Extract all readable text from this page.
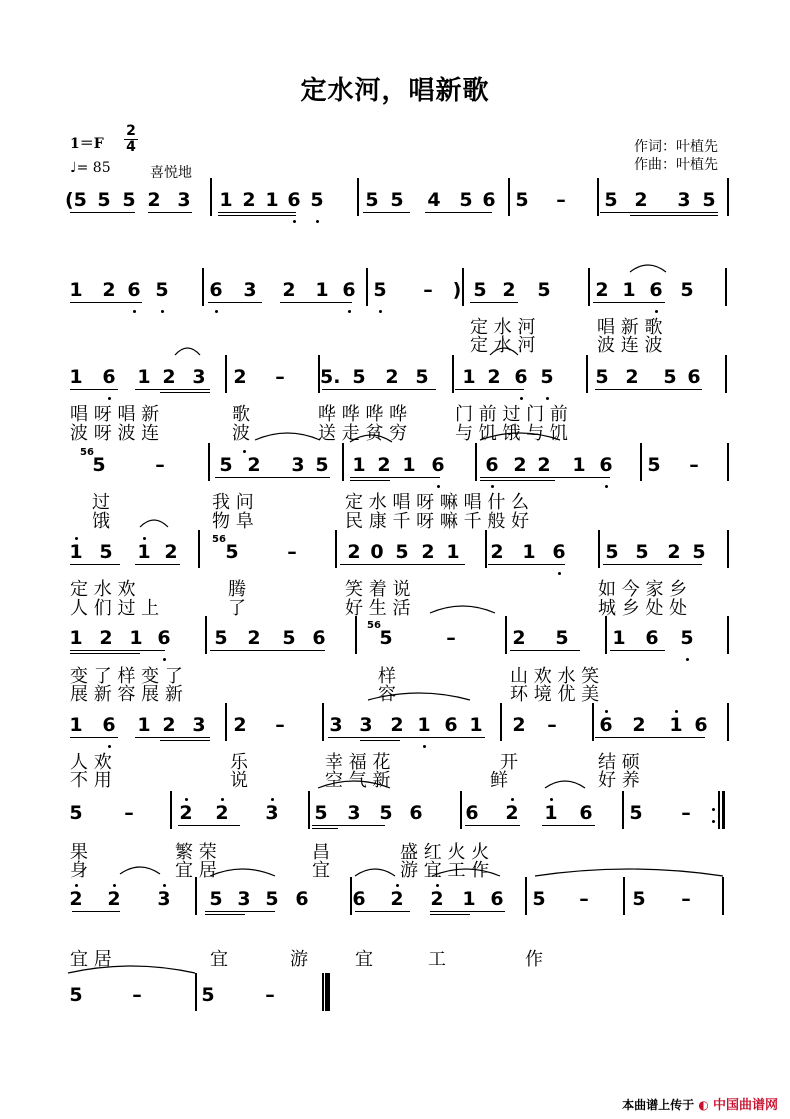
定水河，唱新歌
$1=F \frac{2}{4}$
♩= 85	喜悦地
作词：叶植先
作曲：叶植先
(5 5 5 2 3 1 2 1 6 5 5 5 4 5 6 5 – 5 2 3 5
1 2 6 5 6 3 2 1 6 5 – ) 5 2 5 2 1 6 5
1 6 1 2 3 2 – 5. 5 2 5 1 2 6 5 5 2 5 6
5	–	5 2 3 5 1 2 1 6 6 2 2 1 6 5 –
1 5 1 2	5	–	2 0 5 2 1 2 1 6 5 5 2 5
1 2 1 6 5 2 5 6	5	–	2 5 1 6 5
1 6 1 2 3 2 – 3 3 2 1 6 1 2 – 6 2 1 6
5 – 2 2 3 5 3 5 6 6 2 1 6 5 –
2 2 3 5 3 5 6 6 2 2 1 6 5 – 5 –
5	–	5	–
56
56
56
定 水 河
定 水 河
唱 新 歌
波 连 波
唱 呀 唱 新
波 呀 波 连
歌
波
哗 哗 哗 哗
送 走 贫 穷
门 前 过 门 前
与 饥 饿 与 饥
过
饿
我 问
物 阜
定 水 唱 呀 嘛 唱 什 么
民 康 千 呀 嘛 千 般 好
定 水 欢
人 们 过 上
腾
了
笑 着 说
好 生 活
如 今 家 乡
城 乡 处 处
变 了 样 变 了
展 新 容 展 新
样
容
山 欢 水 笑
环 境 优 美
人 欢
不 用
乐
说
幸 福 花
空 气 新
开
鲜
结 硕
好 养
果
身
繁 荣
宜 居
昌
宜
盛 红 火 火
游 宜 工 作
宜 居	宜	游	宜	工	作
本曲谱上传于 ◐ 中国曲谱网
